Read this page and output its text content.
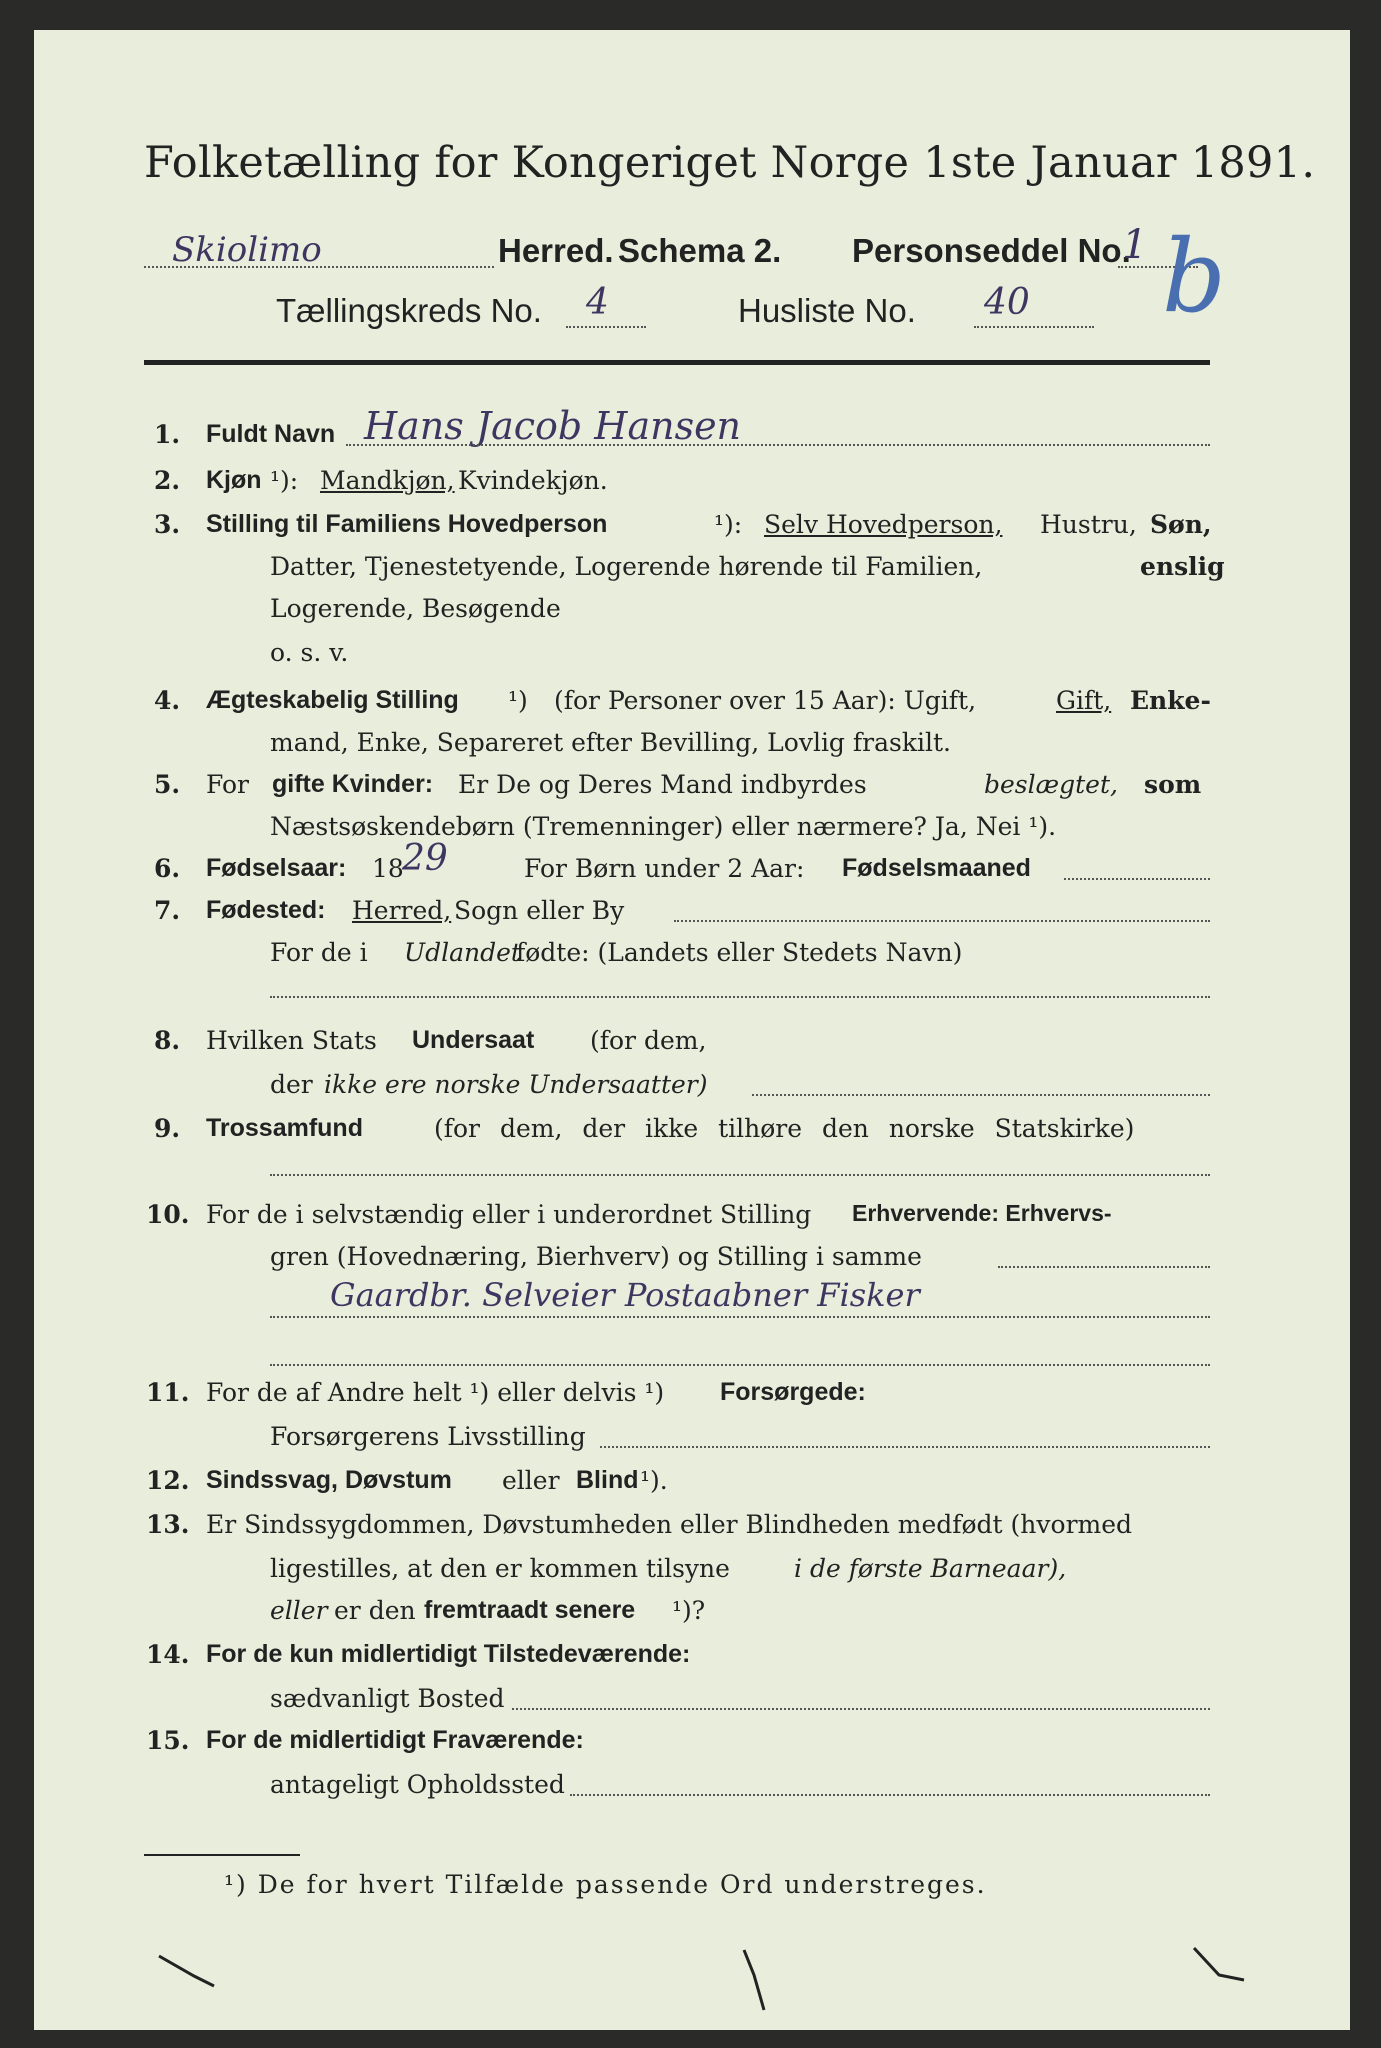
Folketælling for Kongeriget Norge 1ste Januar 1891.
Skiolimo	Herred. Schema 2. Personseddel No.
1 b
Tællingskreds No. 4	Husliste No. 40
1. Fuldt Navn Hans Jacob Hansen
2. Kjøn ¹): Mandkjøn, Kvindekjøn.
3. Stilling til Familiens Hovedperson	¹): Selv Hovedperson, Hustru, Søn,
Datter, Tjenestetyende, Logerende hørende til Familien,	enslig
Logerende, Besøgende
o. s. v.
4. Ægteskabelig Stilling ¹) (for Personer over 15 Aar): Ugift,	Gift, Enke-
mand, Enke, Separeret efter Bevilling, Lovlig fraskilt.
5. For gifte Kvinder: Er De og Deres Mand indbyrdes	beslægtet, som
Næstsøskendebørn (Tremenninger) eller nærmere? Ja, Nei ¹).
6. Fødselsaar: 18
29	For Børn under 2 Aar: Fødselsmaaned
7. Fødested: Herred, Sogn eller By
For de i Udlandet
fødte: (Landets eller Stedets Navn)
8. Hvilken Stats Undersaat (for dem,
der ikke ere norske Undersaatter)
9. Trossamfund	(for dem, der ikke tilhøre den norske Statskirke)
10. For de i selvstændig eller i underordnet Stilling Erhvervende: Erhvervs-
gren (Hovednæring, Bierhverv) og Stilling i samme
Gaardbr. Selveier Postaabner Fisker
11. For de af Andre helt ¹) eller delvis ¹) Forsørgede:
Forsørgerens Livsstilling
12. Sindssvag, Døvstum eller Blind ¹).
13. Er Sindssygdommen, Døvstumheden eller Blindheden medfødt (hvormed
ligestilles, at den er kommen tilsyne	i de første Barneaar),
eller er den fremtraadt senere ¹)?
14. For de kun midlertidigt Tilstedeværende:
sædvanligt Bosted
15. For de midlertidigt Fraværende:
antageligt Opholdssted
¹) De for hvert Tilfælde passende Ord understreges.
